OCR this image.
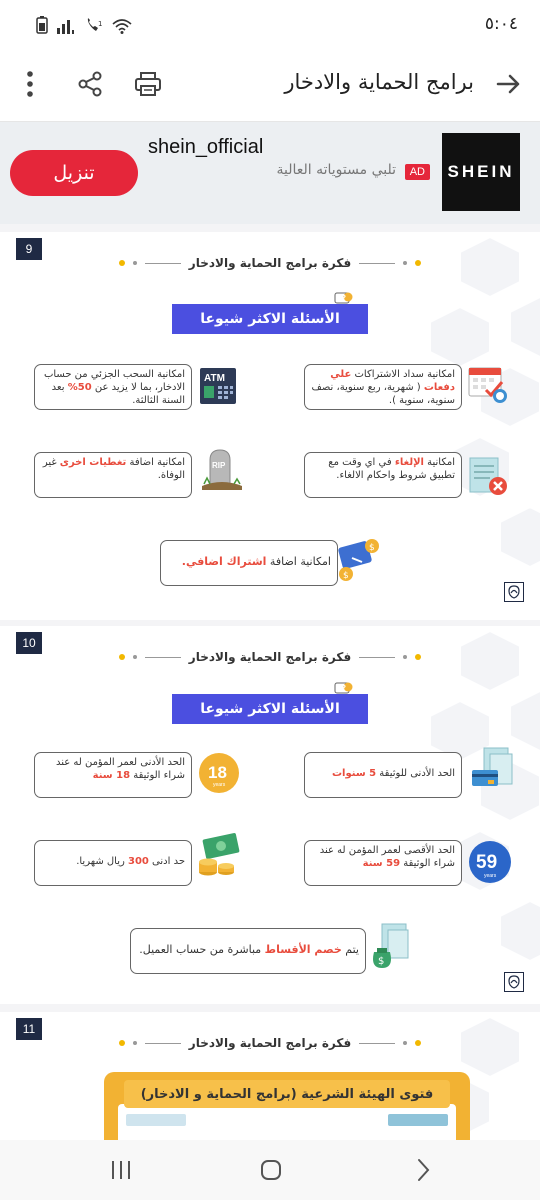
1	٥:٠٤
برامج الحماية والادخار
SHEIN
shein_official
AD
تلبي مستوياته العالية
تنزيل
9
فكرة برامج الحماية والادخار
?
الأسئلة الاكثر شيوعا
امكانية سداد الاشتراكات علي دفعات ( شهرية، ربع سنوية، نصف سنوية، سنوية ).
امكانية السحب الجزئي من حساب الادخار، بما لا يزيد عن 50% بعد السنة الثالثة.
ATM
امكانية الإلغاء في اي وقت مع تطبيق شروط واحكام الالغاء.
امكانية اضافة تغطيات اخرى غير الوفاة.
RIP
امكانية اضافة اشتراك اضافي.
$
$
10
فكرة برامج الحماية والادخار
?
الأسئلة الاكثر شيوعا
الحد الأدنى للوثيقة 5 سنوات
الحد الأدنى لعمر المؤمن له عند شراء الوثيقة 18 سنة	18
years
الحد الأقصى لعمر المؤمن له عند شراء الوثيقة 59 سنة	59
years
حد ادنى 300 ريال شهريا.
يتم خصم الأقساط مباشرة من حساب العميل.
$
11
فكرة برامج الحماية والادخار
فتوى الهيئة الشرعية (برامج الحماية و الادخار)
